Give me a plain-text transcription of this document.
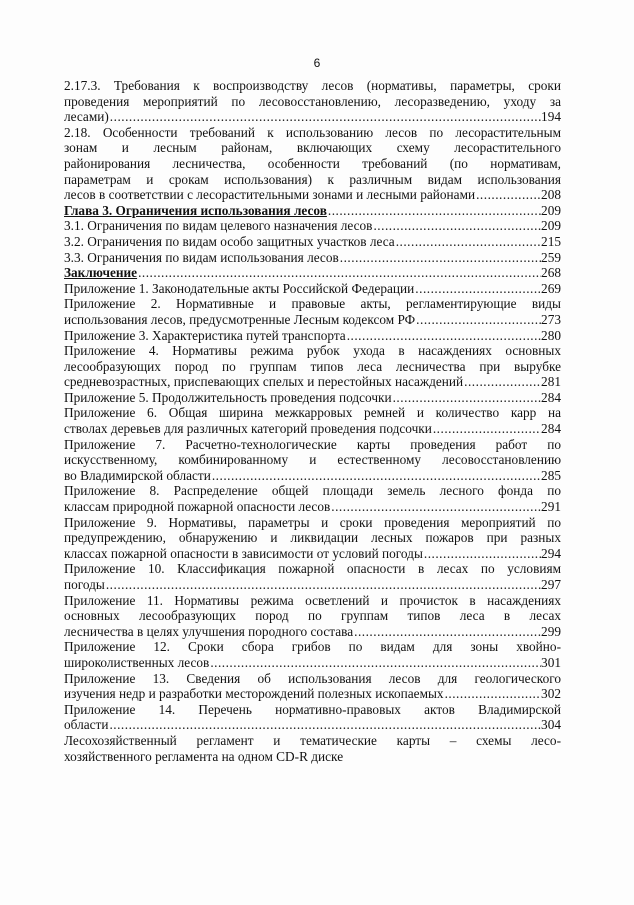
6
2.17.3. Требования к воспроизводству лесов (нормативы, параметры, сроки
проведения мероприятий по лесовосстановлению, лесоразведению, уходу за
лесами) .....	194
2.18. Особенности требований к использованию лесов по лесорастительным
зонам и лесным районам, включающих схему лесорастительного
районирования лесничества, особенности требований (по нормативам,
параметрам и срокам использования) к различным видам использования
лесов в соответствии с лесорастительными зонами и лесными районами .....	208
Глава 3. Ограничения использования лесов .....	209
3.1. Ограничения по видам целевого назначения лесов .....	209
3.2. Ограничения по видам особо защитных участков леса .....	215
3.3. Ограничения по видам использования лесов .....	259
Заключение .....	268
Приложение 1. Законодательные акты Российской Федерации .....	269
Приложение 2. Нормативные и правовые акты, регламентирующие виды
использования лесов, предусмотренные Лесным кодексом РФ .....	273
Приложение 3. Характеристика путей транспорта .....	280
Приложение 4. Нормативы режима рубок ухода в насаждениях основных
лесообразующих пород по группам типов леса лесничества при вырубке
средневозрастных, приспевающих спелых и перестойных насаждений .....	281
Приложение 5. Продолжительность проведения подсочки .....	284
Приложение 6. Общая ширина межкарровых ремней и количество карр на
стволах деревьев для различных категорий проведения подсочки .....	284
Приложение 7. Расчетно-технологические карты проведения работ по
искусственному, комбинированному и естественному лесовосстановлению
во Владимирской области .....	285
Приложение 8. Распределение общей площади земель лесного фонда по
классам природной пожарной опасности лесов .....	291
Приложение 9. Нормативы, параметры и сроки проведения мероприятий по
предупреждению, обнаружению и ликвидации лесных пожаров при разных
классах пожарной опасности в зависимости от условий погоды .....	294
Приложение 10. Классификация пожарной опасности в лесах по условиям
погоды .....	297
Приложение 11. Нормативы режима осветлений и прочисток в насаждениях
основных лесообразующих пород по группам типов леса в лесах
лесничества в целях улучшения породного состава .....	299
Приложение 12. Сроки сбора грибов по видам для зоны хвойно-
широколиственных лесов .....	301
Приложение 13. Сведения об использования лесов для геологического
изучения недр и разработки месторождений полезных ископаемых .....	302
Приложение 14. Перечень нормативно-правовых актов Владимирской
области .....	304
Лесохозяйственный регламент и тематические карты – схемы лесо-
хозяйственного регламента на одном CD-R диске
